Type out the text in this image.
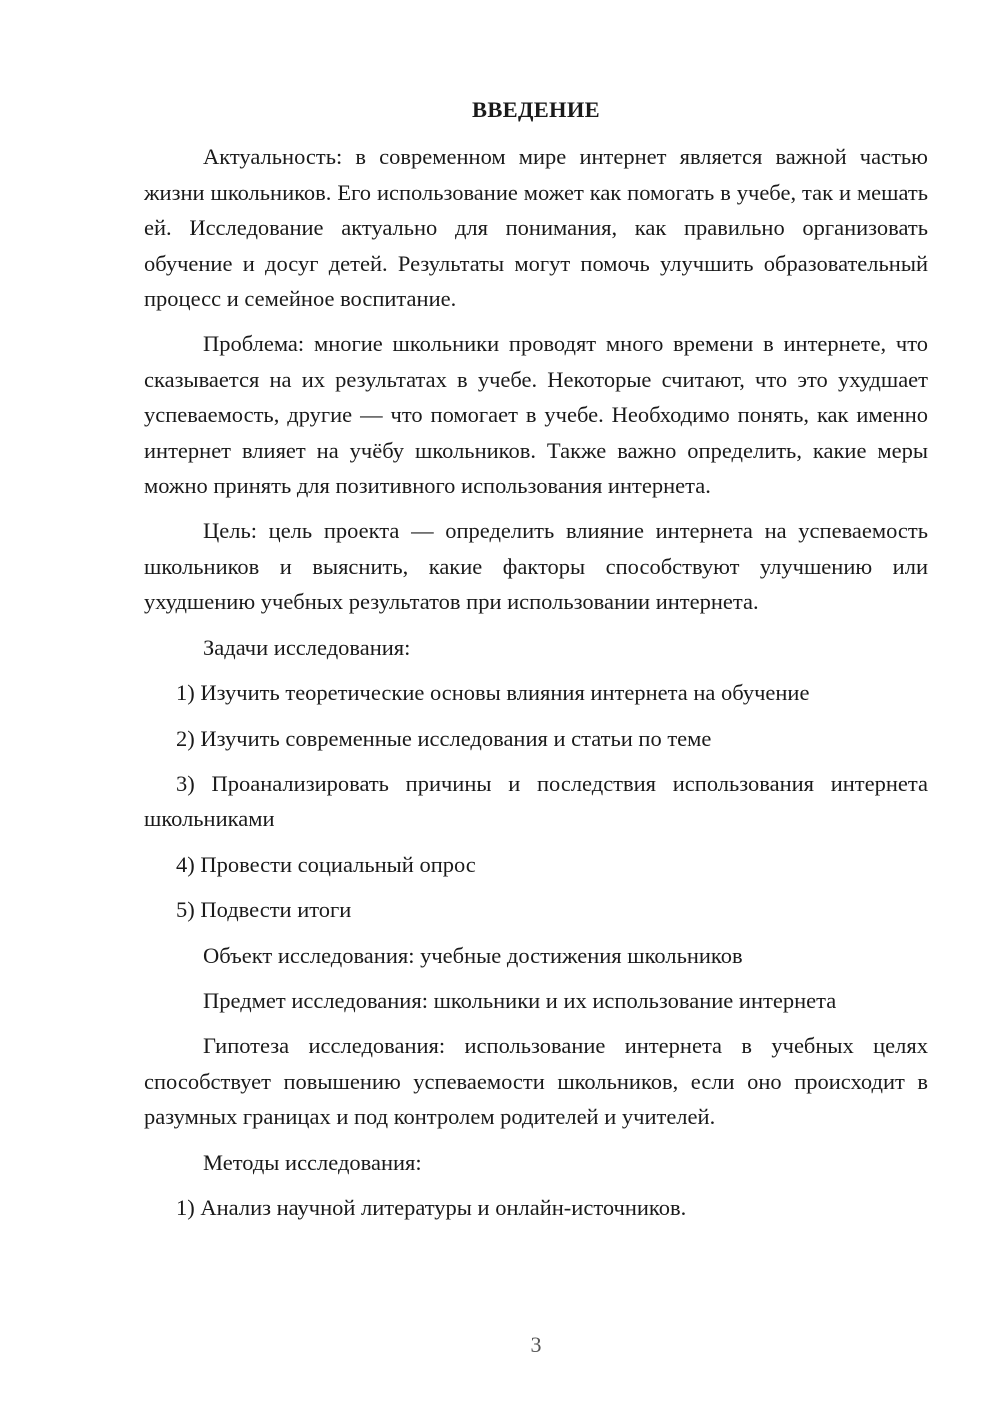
ВВЕДЕНИЕ

Актуальность: в современном мире интернет является важной частью жизни школьников. Его использование может как помогать в учебе, так и мешать ей. Исследование актуально для понимания, как правильно организовать обучение и досуг детей. Результаты могут помочь улучшить образовательный процесс и семейное воспитание.

Проблема: многие школьники проводят много времени в интернете, что сказывается на их результатах в учебе. Некоторые считают, что это ухудшает успеваемость, другие — что помогает в учебе. Необходимо понять, как именно интернет влияет на учёбу школьников. Также важно определить, какие меры можно принять для позитивного использования интернета.

Цель: цель проекта — определить влияние интернета на успеваемость школьников и выяснить, какие факторы способствуют улучшению или ухудшению учебных результатов при использовании интернета.

Задачи исследования:

1) Изучить теоретические основы влияния интернета на обучение

2) Изучить современные исследования и статьи по теме

3) Проанализировать причины и последствия использования интернета школьниками

4) Провести социальный опрос

5) Подвести итоги

Объект исследования: учебные достижения школьников

Предмет исследования: школьники и их использование интернета

Гипотеза исследования: использование интернета в учебных целях способствует повышению успеваемости школьников, если оно происходит в разумных границах и под контролем родителей и учителей.

Методы исследования:

1) Анализ научной литературы и онлайн-источников.

3
